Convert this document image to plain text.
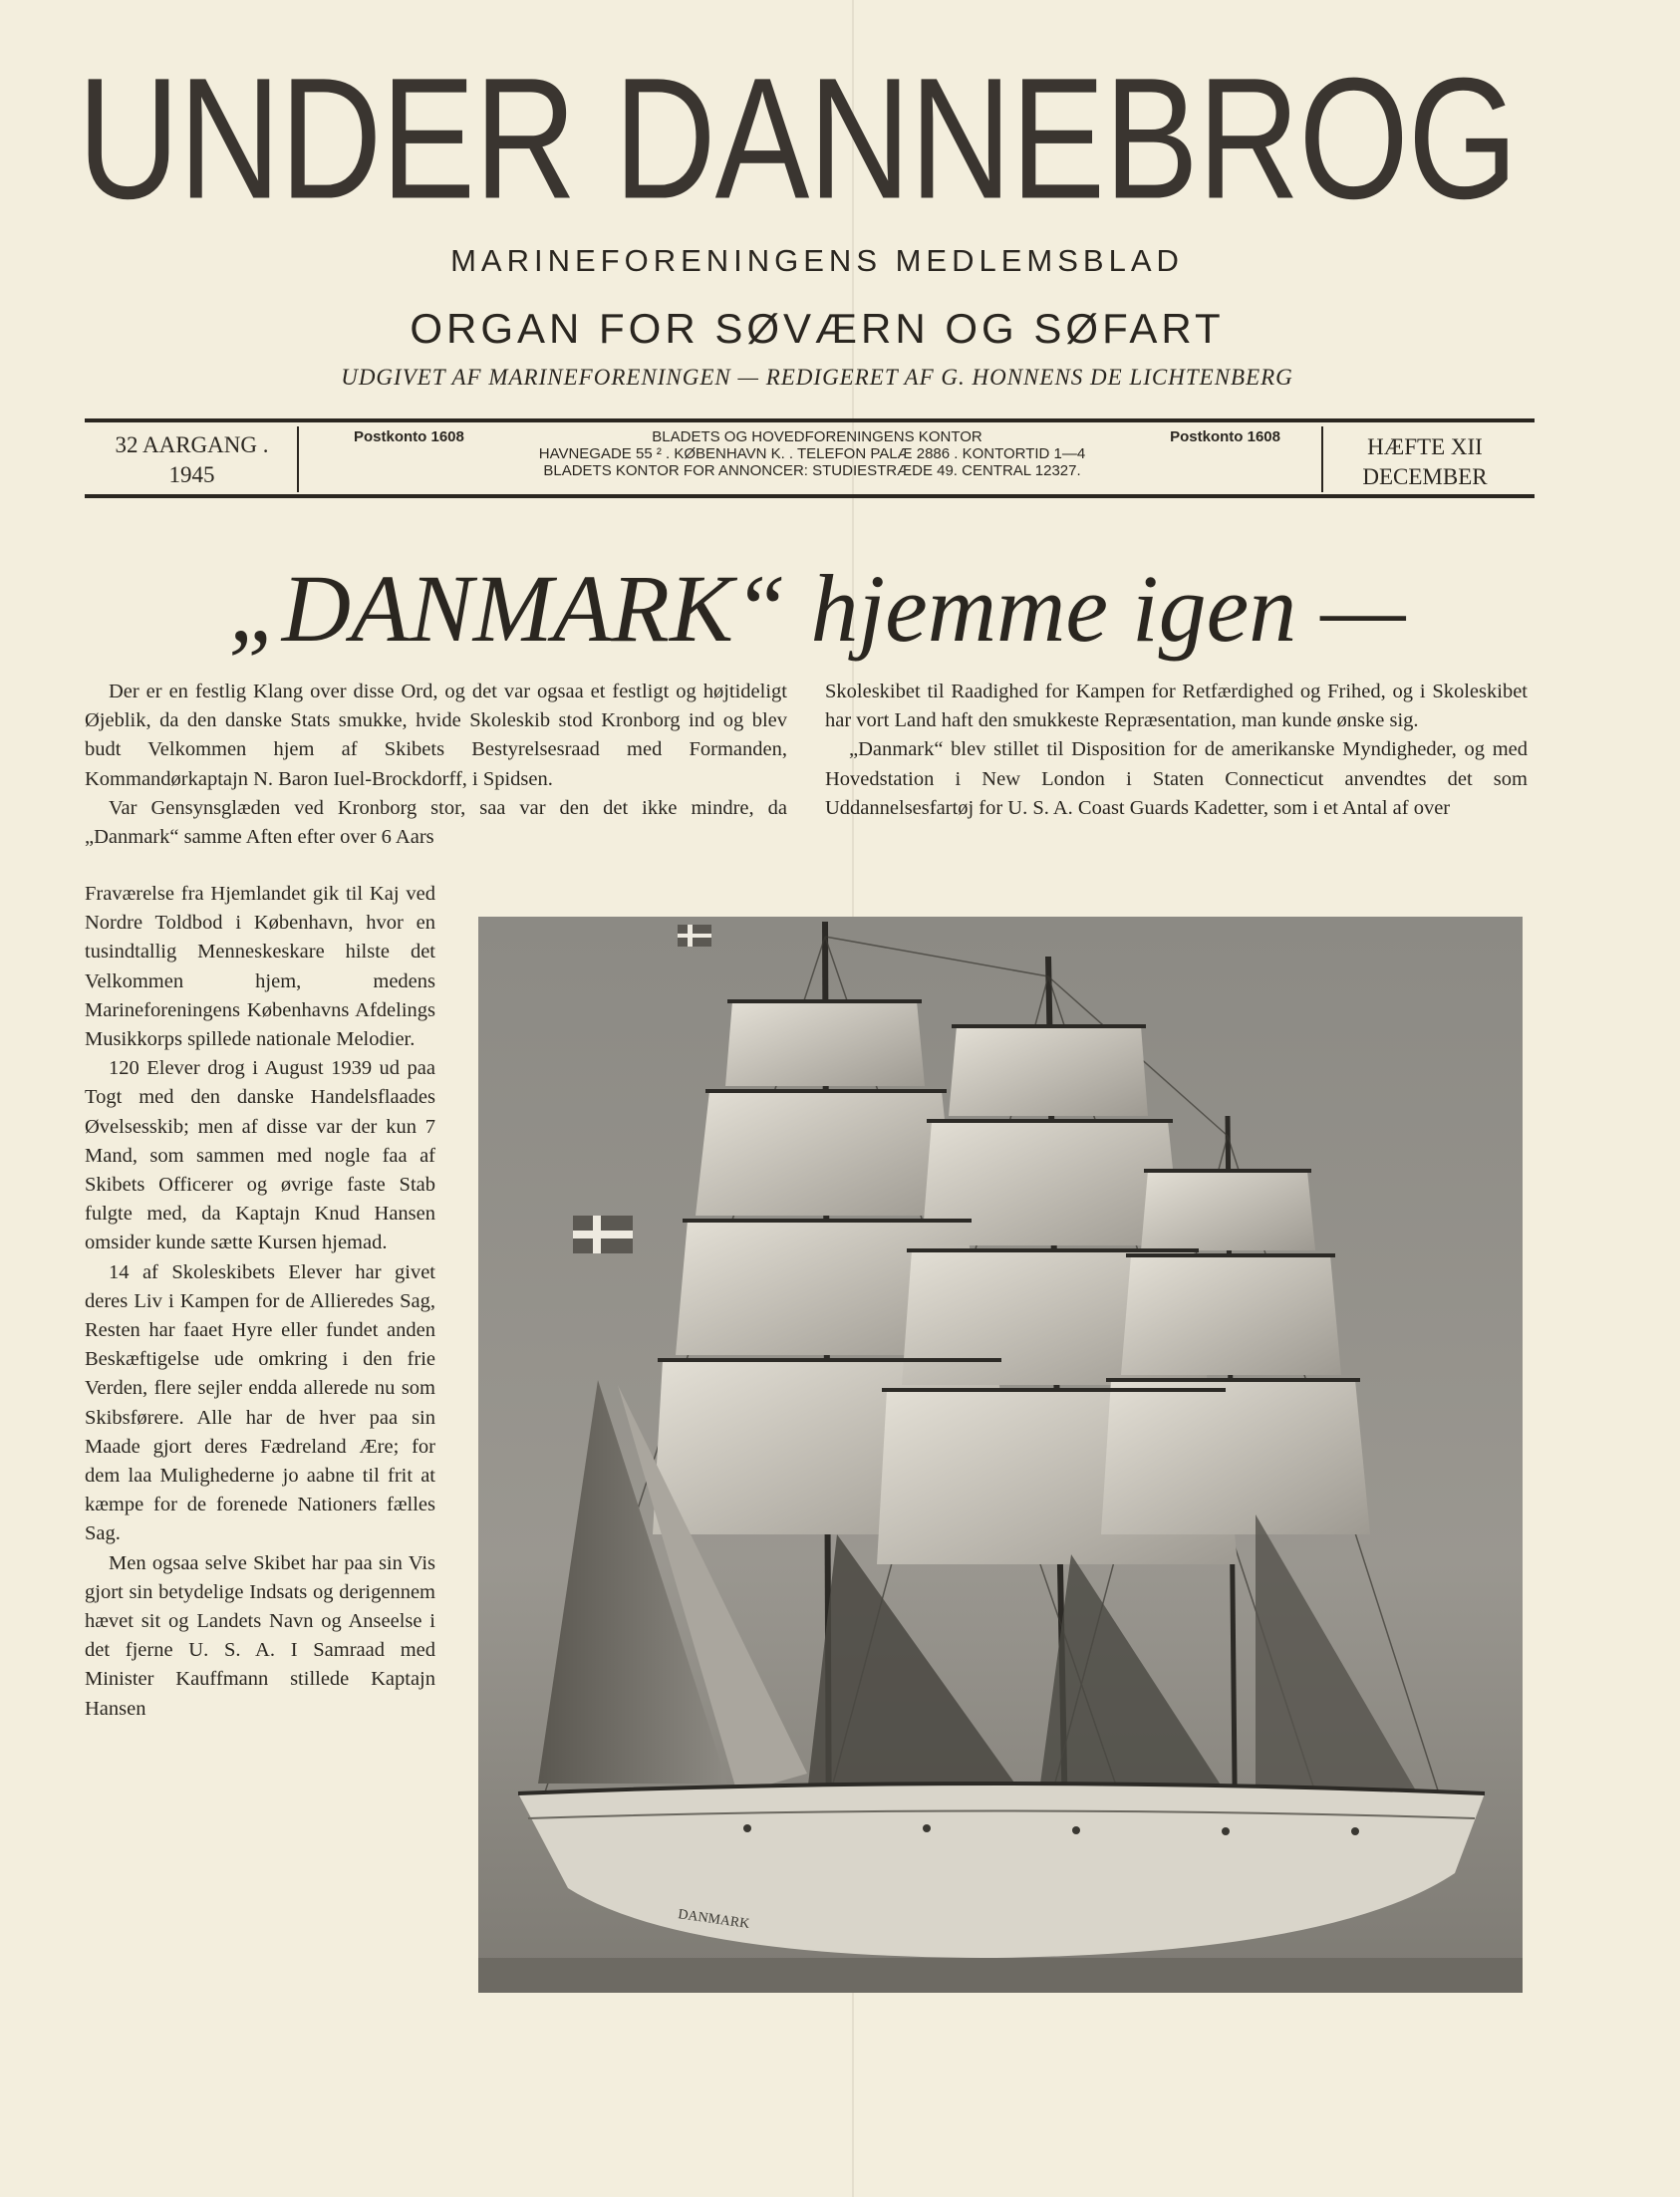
UNDER DANNEBROG
MARINEFORENINGENS MEDLEMSBLAD
ORGAN FOR SØVÆRN OG SØFART
UDGIVET AF MARINEFORENINGEN — REDIGERET AF G. HONNENS DE LICHTENBERG
32 AARGANG .
1945
Postkonto 1608	BLADETS OG HOVEDFORENINGENS KONTOR	Postkonto 1608
HAVNEGADE 55 ² . KØBENHAVN K. . TELEFON PALÆ 2886 . KONTORTID 1—4
BLADETS KONTOR FOR ANNONCER: STUDIESTRÆDE 49. CENTRAL 12327.
HÆFTE XII
DECEMBER
„DANMARK“ hjemme igen —

Der er en festlig Klang over disse Ord, og det var ogsaa et festligt og højtideligt Øjeblik, da den danske Stats smukke, hvide Skoleskib stod Kronborg ind og blev budt Velkommen hjem af Skibets Bestyrelsesraad med Formanden, Kommandørkaptajn N. Baron Iuel-Brockdorff, i Spidsen.

Var Gensynsglæden ved Kronborg stor, saa var den det ikke mindre, da „Danmark“ samme Aften efter over 6 Aars

Skoleskibet til Raadighed for Kampen for Retfærdighed og Frihed, og i Skoleskibet har vort Land haft den smukkeste Repræsentation, man kunde ønske sig.

„Danmark“ blev stillet til Disposition for de amerikanske Myndigheder, og med Hovedstation i New London i Staten Connecticut anvendtes det som Uddannelsesfartøj for U. S. A. Coast Guards Kadetter, som i et Antal af over

Fraværelse fra Hjemlandet gik til Kaj ved Nordre Toldbod i København, hvor en tusindtallig Menneskeskare hilste det Velkommen hjem, medens Marineforeningens Københavns Afdelings Musikkorps spillede nationale Melodier.

120 Elever drog i August 1939 ud paa Togt med den danske Handelsflaades Øvelsesskib; men af disse var der kun 7 Mand, som sammen med nogle faa af Skibets Officerer og øvrige faste Stab fulgte med, da Kaptajn Knud Hansen omsider kunde sætte Kursen hjemad.

14 af Skoleskibets Elever har givet deres Liv i Kampen for de Allieredes Sag, Resten har faaet Hyre eller fundet anden Beskæftigelse ude omkring i den frie Verden, flere sejler endda allerede nu som Skibsførere. Alle har de hver paa sin Maade gjort deres Fædreland Ære; for dem laa Mulighederne jo aabne til frit at kæmpe for de forenede Nationers fælles Sag.

Men ogsaa selve Skibet har paa sin Vis gjort sin betydelige Indsats og derigennem hævet sit og Landets Navn og Anseelse i det fjerne U. S. A. I Samraad med Minister Kauffmann stillede Kaptajn Hansen

DANMARK
